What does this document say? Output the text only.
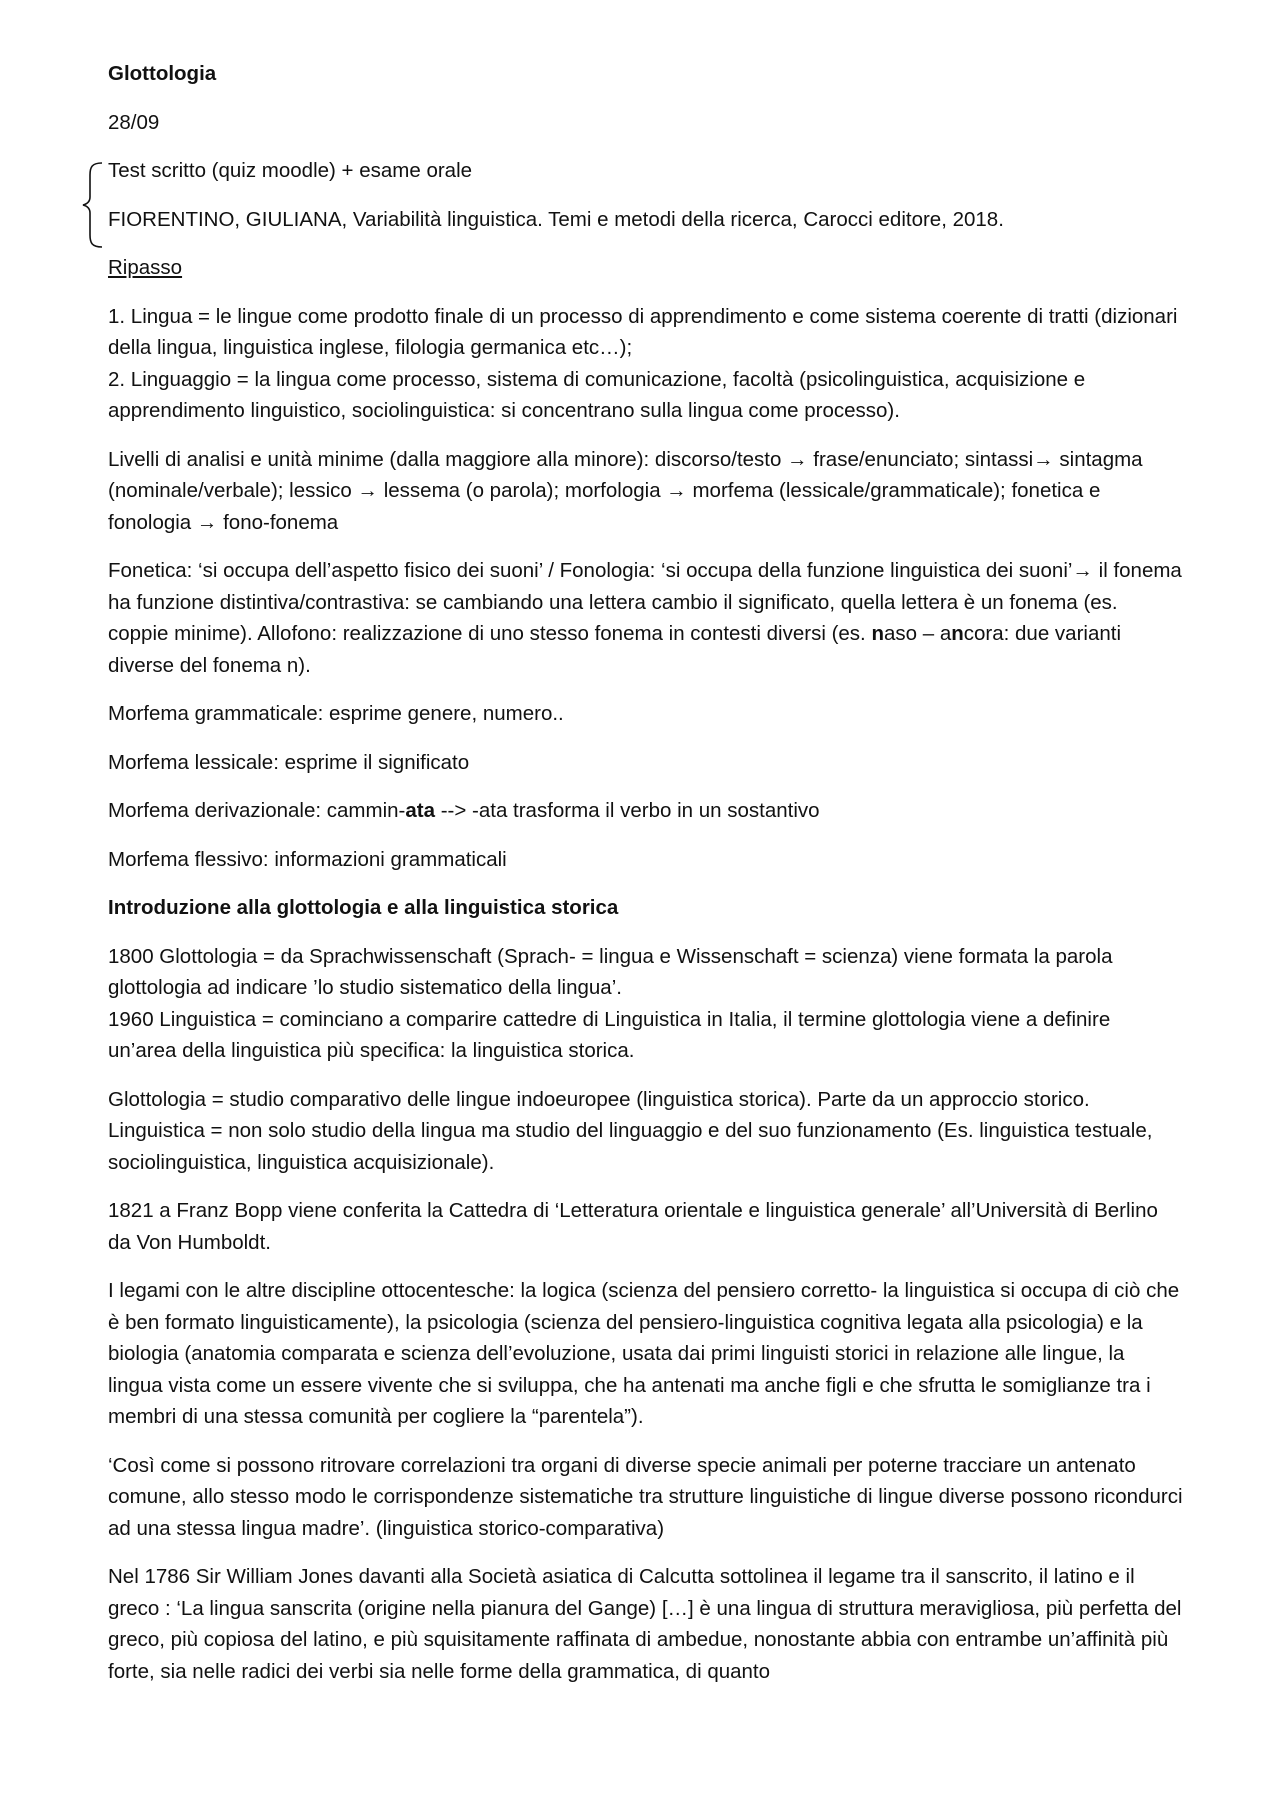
Glottologia

28/09

Test scritto (quiz moodle) + esame orale

FIORENTINO, GIULIANA, Variabilità linguistica. Temi e metodi della ricerca, Carocci editore, 2018.

Ripasso

1. Lingua = le lingue come prodotto finale di un processo di apprendimento e come sistema coerente di tratti (dizionari della lingua, linguistica inglese, filologia germanica etc…);
2. Linguaggio = la lingua come processo, sistema di comunicazione, facoltà (psicolinguistica, acquisizione e apprendimento linguistico, sociolinguistica: si concentrano sulla lingua come processo).

Livelli di analisi e unità minime (dalla maggiore alla minore): discorso/testo → frase/enunciato; sintassi→ sintagma (nominale/verbale); lessico → lessema (o parola); morfologia → morfema (lessicale/grammaticale); fonetica e fonologia → fono-fonema

Fonetica: ‘si occupa dell’aspetto fisico dei suoni’ / Fonologia: ‘si occupa della funzione linguistica dei suoni’→ il fonema ha funzione distintiva/contrastiva: se cambiando una lettera cambio il significato, quella lettera è un fonema (es. coppie minime). Allofono: realizzazione di uno stesso fonema in contesti diversi (es. naso – ancora: due varianti diverse del fonema n).

Morfema grammaticale: esprime genere, numero..

Morfema lessicale: esprime il significato

Morfema derivazionale: cammin-ata --> -ata trasforma il verbo in un sostantivo

Morfema flessivo: informazioni grammaticali

Introduzione alla glottologia e alla linguistica storica

1800 Glottologia = da Sprachwissenschaft (Sprach- = lingua e Wissenschaft = scienza) viene formata la parola glottologia ad indicare ’lo studio sistematico della lingua’.
1960 Linguistica = cominciano a comparire cattedre di Linguistica in Italia, il termine glottologia viene a definire un’area della linguistica più specifica: la linguistica storica.

Glottologia = studio comparativo delle lingue indoeuropee (linguistica storica). Parte da un approccio storico.
Linguistica = non solo studio della lingua ma studio del linguaggio e del suo funzionamento (Es. linguistica testuale, sociolinguistica, linguistica acquisizionale).

1821 a Franz Bopp viene conferita la Cattedra di ‘Letteratura orientale e linguistica generale’ all’Università di Berlino da Von Humboldt.

I legami con le altre discipline ottocentesche: la logica (scienza del pensiero corretto- la linguistica si occupa di ciò che è ben formato linguisticamente), la psicologia (scienza del pensiero-linguistica cognitiva legata alla psicologia) e la biologia (anatomia comparata e scienza dell’evoluzione, usata dai primi linguisti storici in relazione alle lingue, la lingua vista come un essere vivente che si sviluppa, che ha antenati ma anche figli e che sfrutta le somiglianze tra i membri di una stessa comunità per cogliere la “parentela”).

‘Così come si possono ritrovare correlazioni tra organi di diverse specie animali per poterne tracciare un antenato comune, allo stesso modo le corrispondenze sistematiche tra strutture linguistiche di lingue diverse possono ricondurci ad una stessa lingua madre’. (linguistica storico-comparativa)

Nel 1786 Sir William Jones davanti alla Società asiatica di Calcutta sottolinea il legame tra il sanscrito, il latino e il greco : ‘La lingua sanscrita (origine nella pianura del Gange) […] è una lingua di struttura meravigliosa, più perfetta del greco, più copiosa del latino, e più squisitamente raffinata di ambedue, nonostante abbia con entrambe un’affinità più forte, sia nelle radici dei verbi sia nelle forme della grammatica, di quanto
